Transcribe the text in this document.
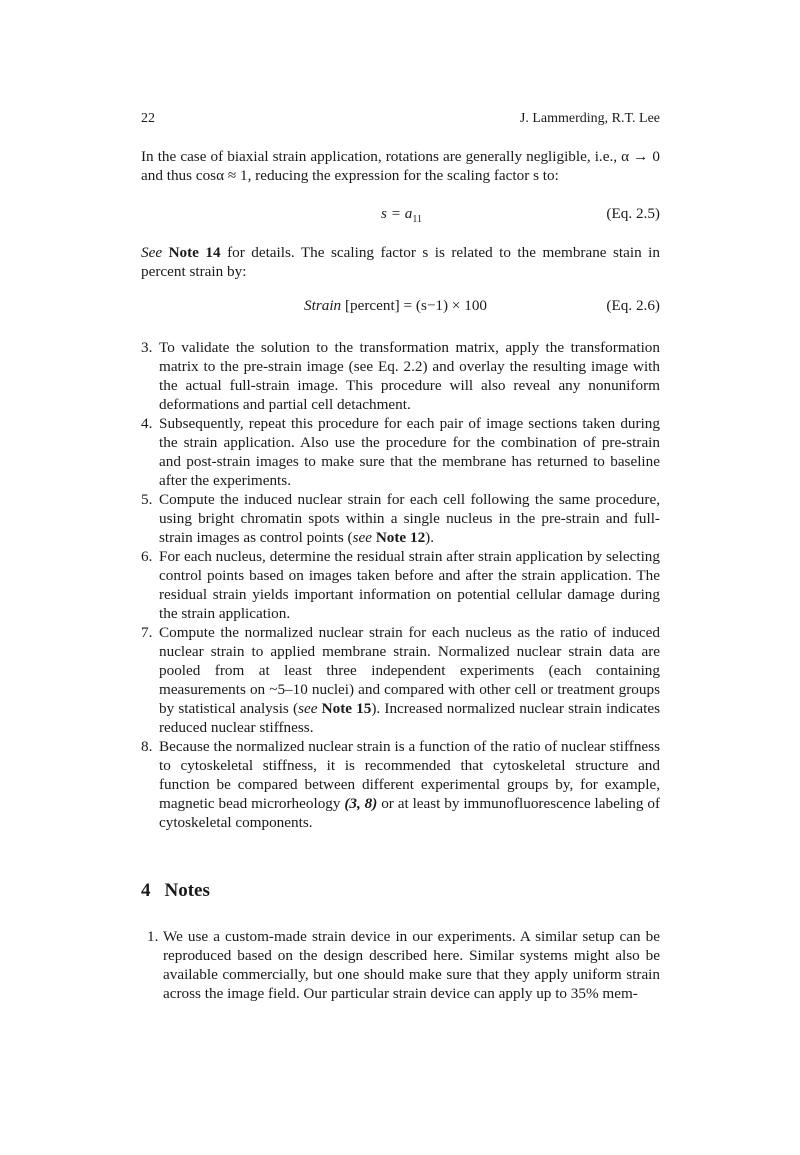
22	J. Lammerding, R.T. Lee

In the case of biaxial strain application, rotations are generally negligible, i.e., α → 0 and thus cosα ≈ 1, reducing the expression for the scaling factor s to:

$s = a_{11}$	(Eq. 2.5)

See Note 14 for details. The scaling factor s is related to the membrane stain in percent strain by:

Strain [percent] = (s−1) × 100	(Eq. 2.6)
3. To validate the solution to the transformation matrix, apply the transformation matrix to the pre-strain image (see Eq. 2.2) and overlay the resulting image with the actual full-strain image. This procedure will also reveal any nonuniform deformations and partial cell detachment.
4. Subsequently, repeat this procedure for each pair of image sections taken during the strain application. Also use the procedure for the combination of pre-strain and post-strain images to make sure that the membrane has returned to baseline after the experiments.
5. Compute the induced nuclear strain for each cell following the same procedure, using bright chromatin spots within a single nucleus in the pre-strain and full-strain images as control points (see Note 12).
6. For each nucleus, determine the residual strain after strain application by selecting control points based on images taken before and after the strain application. The residual strain yields important information on potential cellular damage during the strain application.
7. Compute the normalized nuclear strain for each nucleus as the ratio of induced nuclear strain to applied membrane strain. Normalized nuclear strain data are pooled from at least three independent experiments (each containing measurements on ~5–10 nuclei) and compared with other cell or treatment groups by statistical analysis (see Note 15). Increased normalized nuclear strain indicates reduced nuclear stiffness.
8. Because the normalized nuclear strain is a function of the ratio of nuclear stiffness to cytoskeletal stiffness, it is recommended that cytoskeletal structure and function be compared between different experimental groups by, for example, magnetic bead microrheology (3, 8) or at least by immunofluorescence labeling of cytoskeletal components.
4 Notes
1. We use a custom-made strain device in our experiments. A similar setup can be reproduced based on the design described here. Similar systems might also be available commercially, but one should make sure that they apply uniform strain across the image field. Our particular strain device can apply up to 35% mem-
